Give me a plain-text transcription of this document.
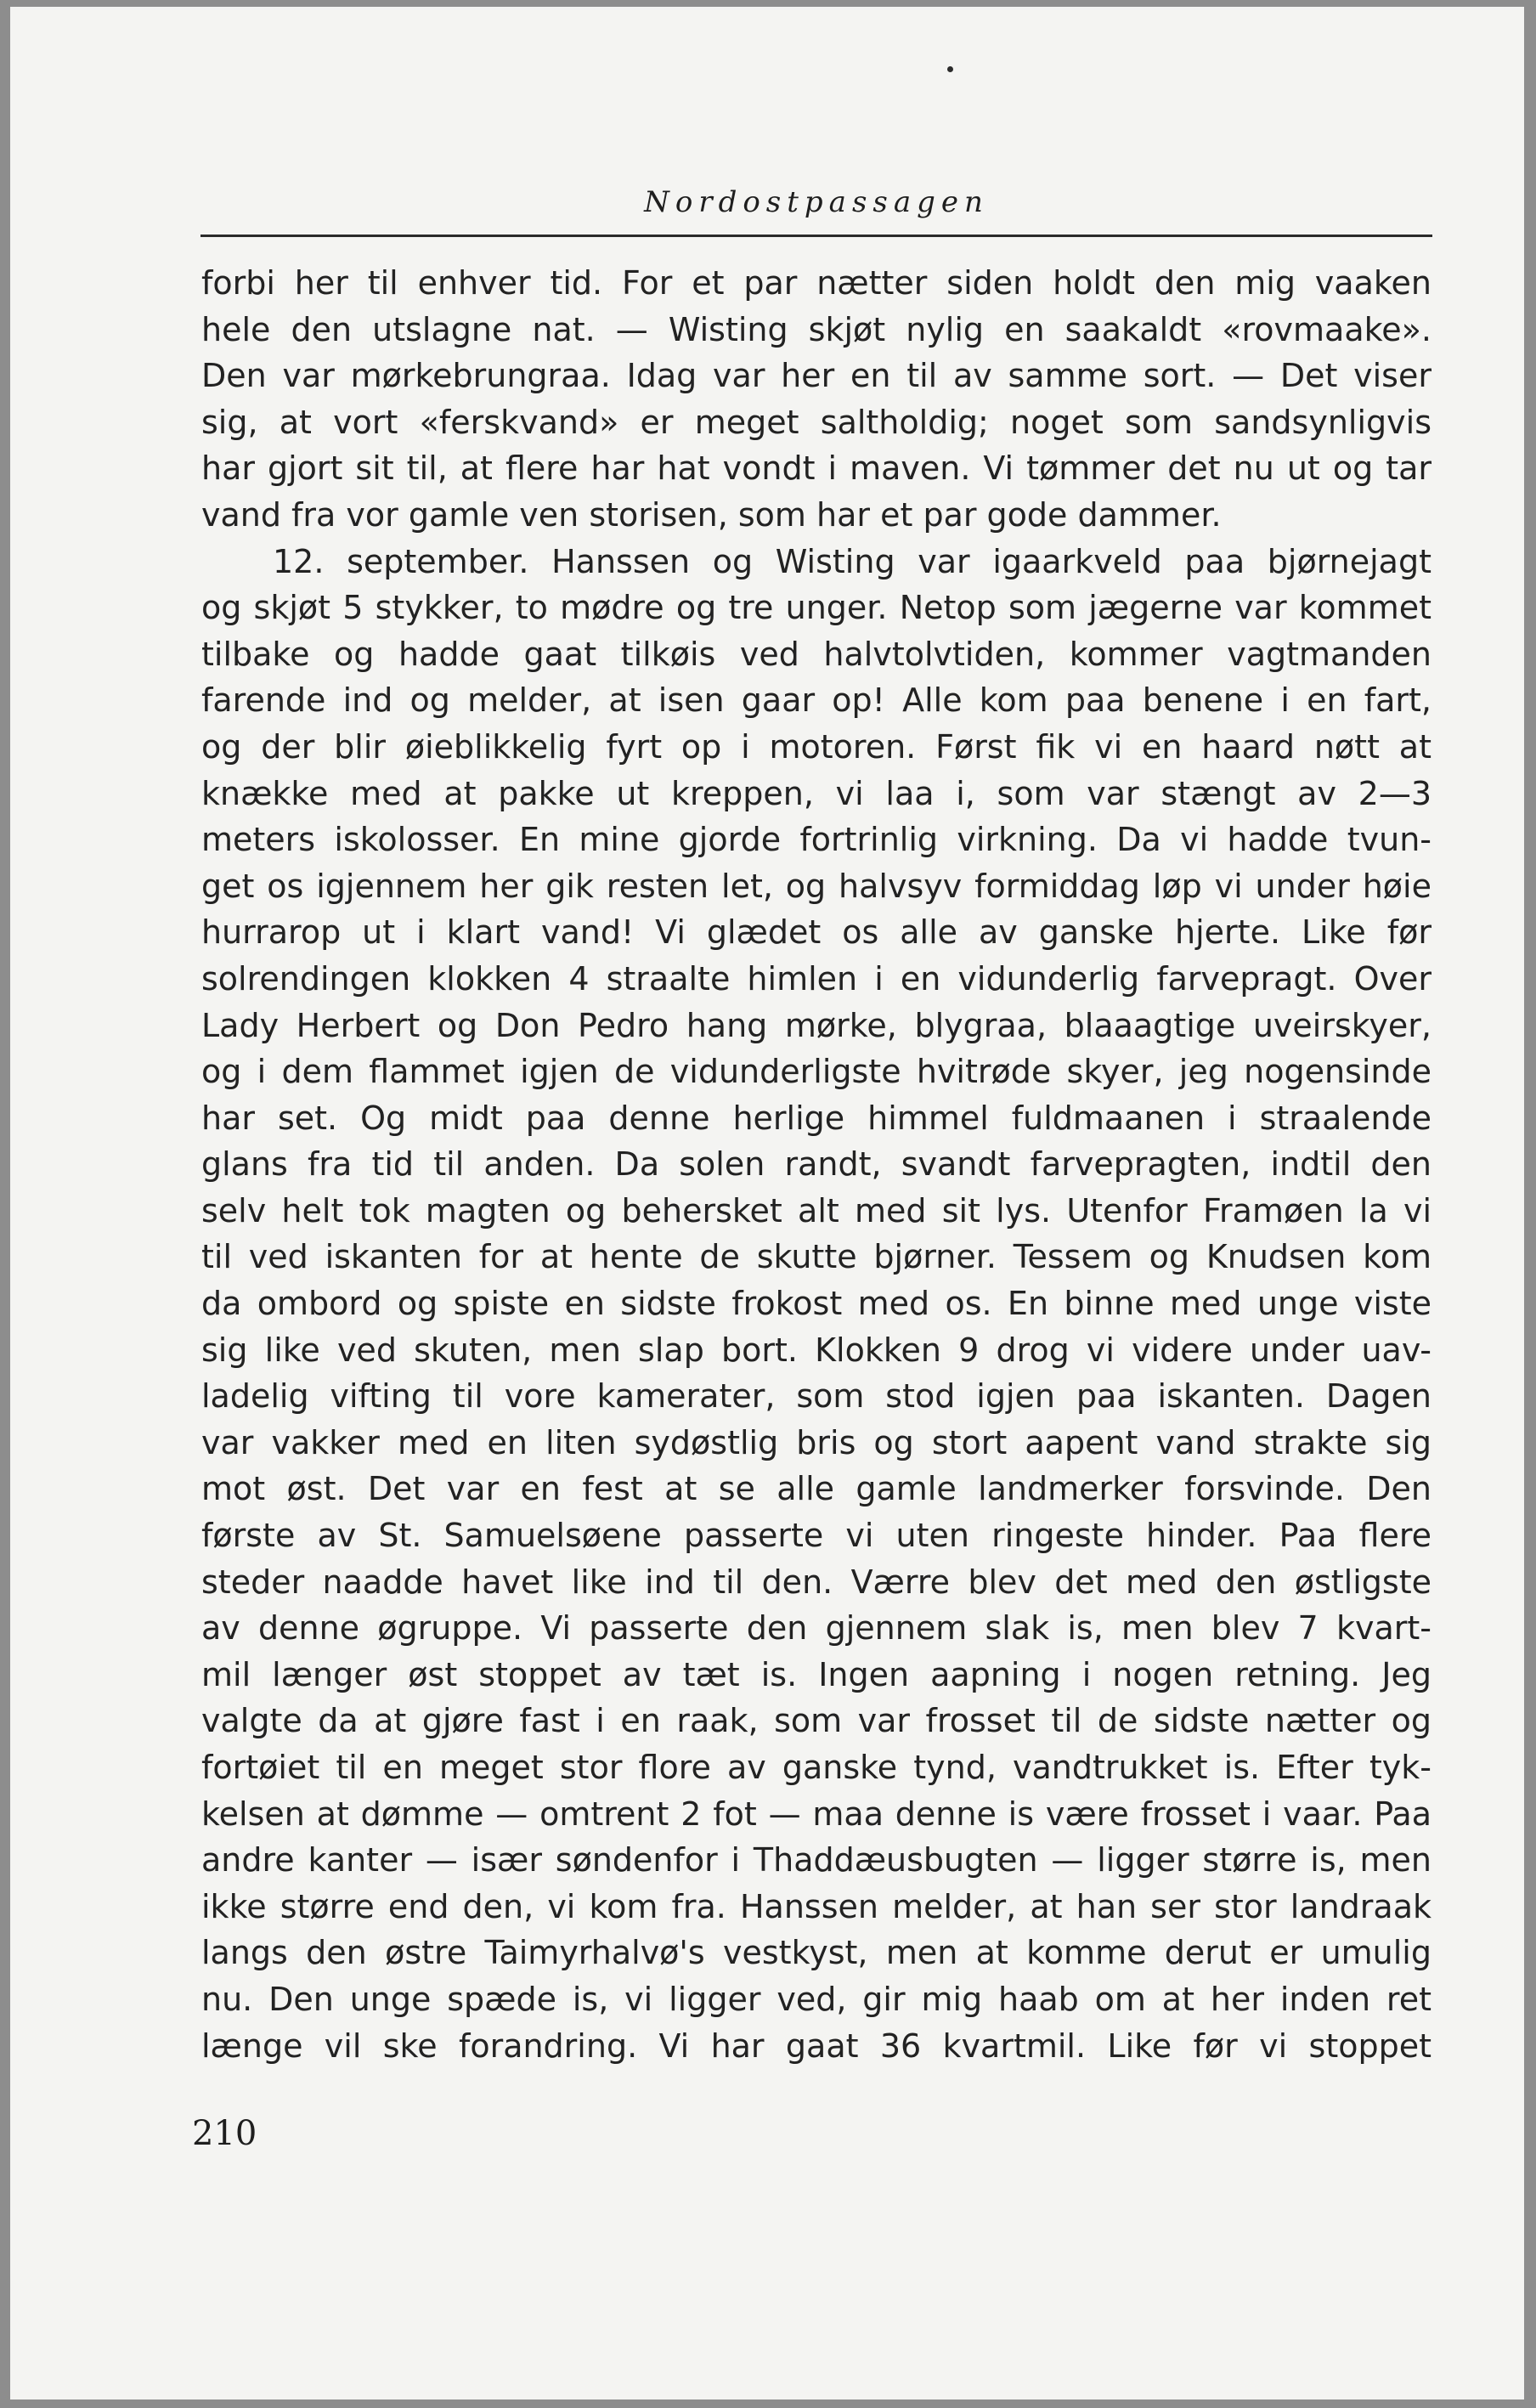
Nordostpassagen
forbi her til enhver tid. For et par nætter siden holdt den mig vaaken
hele den utslagne nat. — Wisting skjøt nylig en saakaldt «rovmaake».
Den var mørkebrungraa. Idag var her en til av samme sort. — Det viser
sig, at vort «ferskvand» er meget saltholdig; noget som sandsynligvis
har gjort sit til, at flere har hat vondt i maven. Vi tømmer det nu ut og tar
vand fra vor gamle ven storisen, som har et par gode dammer.
12. september. Hanssen og Wisting var igaarkveld paa bjørnejagt
og skjøt 5 stykker, to mødre og tre unger. Netop som jægerne var kommet
tilbake og hadde gaat tilkøis ved halvtolvtiden, kommer vagtmanden
farende ind og melder, at isen gaar op! Alle kom paa benene i en fart,
og der blir øieblikkelig fyrt op i motoren. Først fik vi en haard nøtt at
knække med at pakke ut kreppen, vi laa i, som var stængt av 2—3
meters iskolosser. En mine gjorde fortrinlig virkning. Da vi hadde tvun-
get os igjennem her gik resten let, og halvsyv formiddag løp vi under høie
hurrarop ut i klart vand! Vi glædet os alle av ganske hjerte. Like før
solrendingen klokken 4 straalte himlen i en vidunderlig farvepragt. Over
Lady Herbert og Don Pedro hang mørke, blygraa, blaaagtige uveirskyer,
og i dem flammet igjen de vidunderligste hvitrøde skyer, jeg nogensinde
har set. Og midt paa denne herlige himmel fuldmaanen i straalende
glans fra tid til anden. Da solen randt, svandt farvepragten, indtil den
selv helt tok magten og behersket alt med sit lys. Utenfor Framøen la vi
til ved iskanten for at hente de skutte bjørner. Tessem og Knudsen kom
da ombord og spiste en sidste frokost med os. En binne med unge viste
sig like ved skuten, men slap bort. Klokken 9 drog vi videre under uav-
ladelig vifting til vore kamerater, som stod igjen paa iskanten. Dagen
var vakker med en liten sydøstlig bris og stort aapent vand strakte sig
mot øst. Det var en fest at se alle gamle landmerker forsvinde. Den
første av St. Samuelsøene passerte vi uten ringeste hinder. Paa flere
steder naadde havet like ind til den. Værre blev det med den østligste
av denne øgruppe. Vi passerte den gjennem slak is, men blev 7 kvart-
mil længer øst stoppet av tæt is. Ingen aapning i nogen retning. Jeg
valgte da at gjøre fast i en raak, som var frosset til de sidste nætter og
fortøiet til en meget stor flore av ganske tynd, vandtrukket is. Efter tyk-
kelsen at dømme — omtrent 2 fot — maa denne is være frosset i vaar. Paa
andre kanter — især søndenfor i Thaddæusbugten — ligger større is, men
ikke større end den, vi kom fra. Hanssen melder, at han ser stor landraak
langs den østre Taimyrhalvø's vestkyst, men at komme derut er umulig
nu. Den unge spæde is, vi ligger ved, gir mig haab om at her inden ret
længe vil ske forandring. Vi har gaat 36 kvartmil. Like før vi stoppet
210
